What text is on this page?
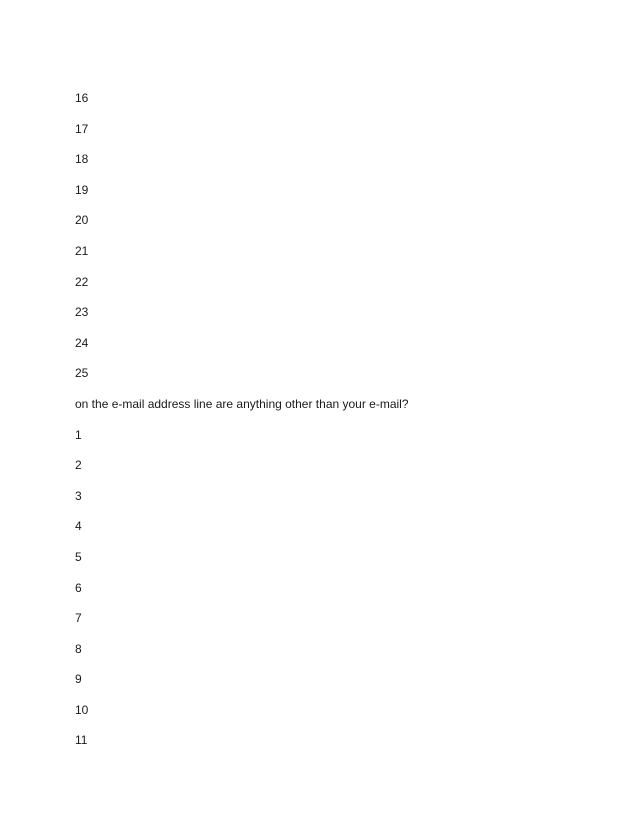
16
17
18
19
20
21
22
23
24
25
on the e-mail address line are anything other than your e-mail?
1
2
3
4
5
6
7
8
9
10
11
